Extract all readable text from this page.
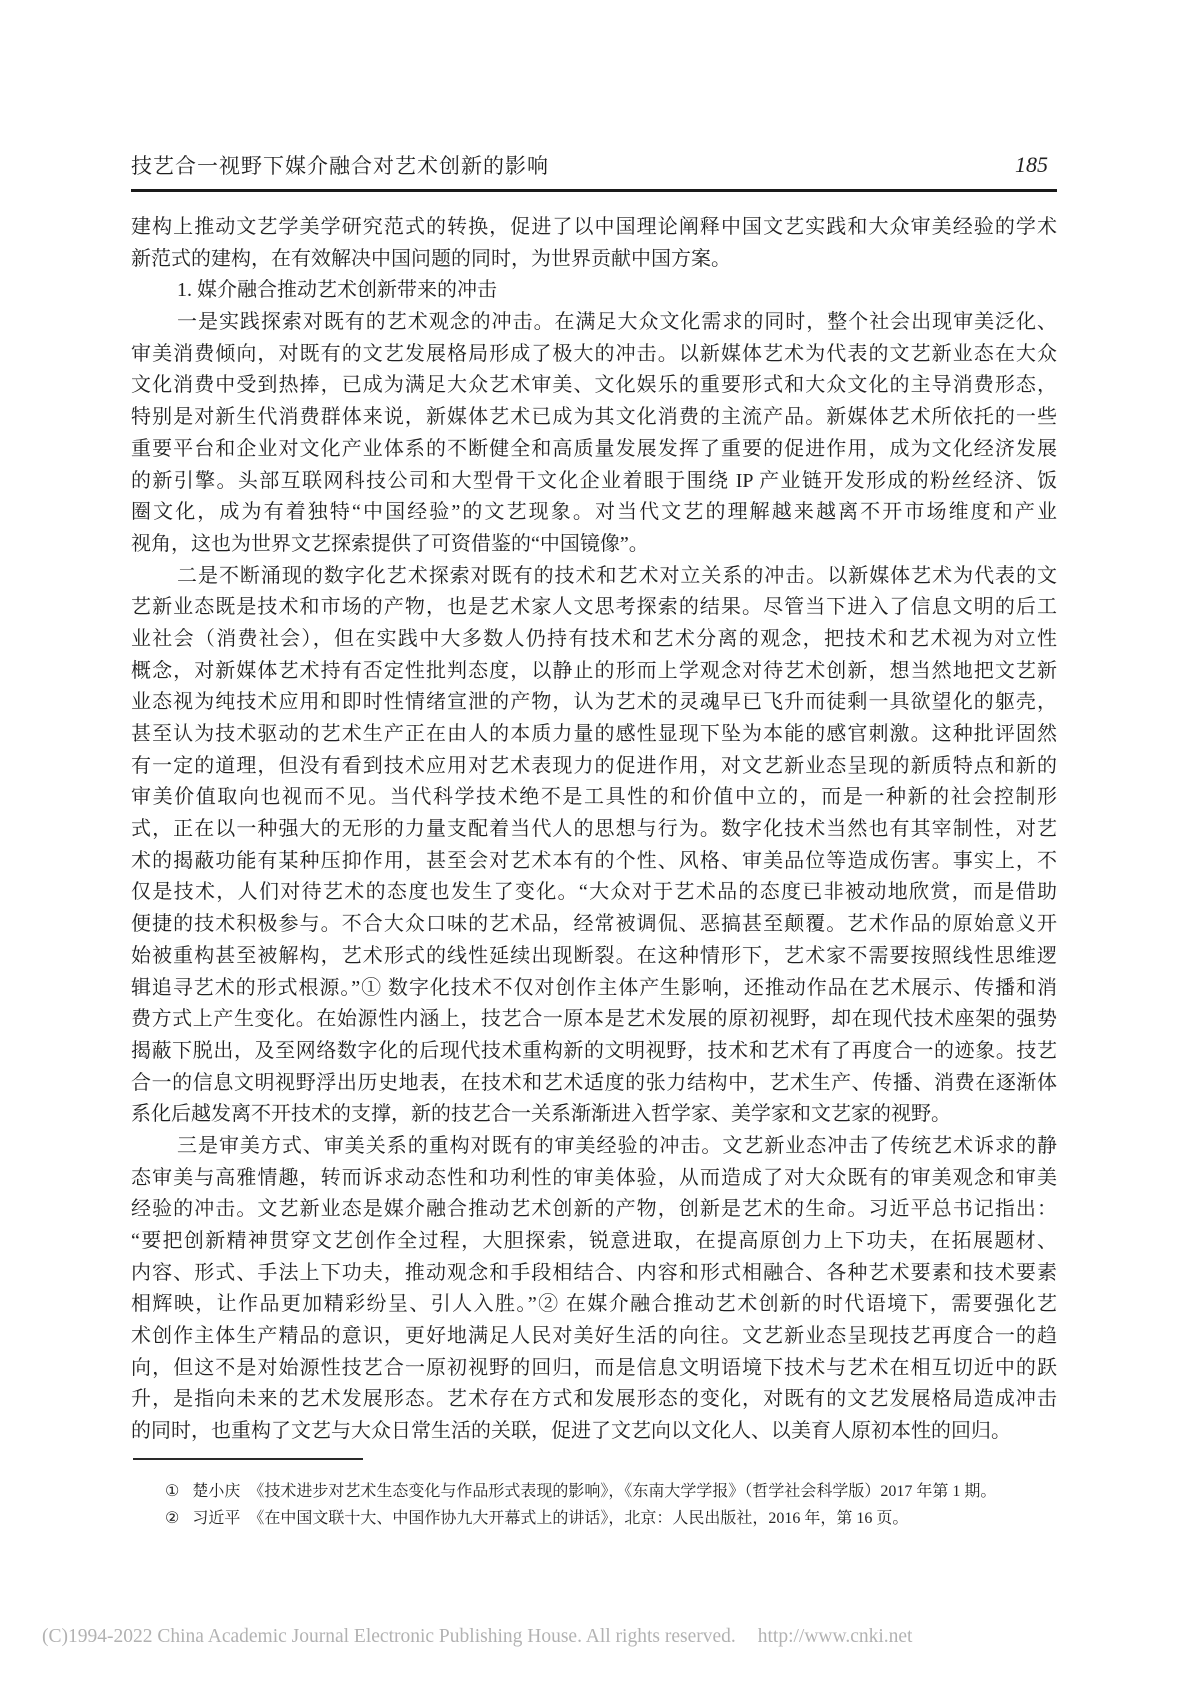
技艺合一视野下媒介融合对艺术创新的影响	185
建构上推动文艺学美学研究范式的转换，促进了以中国理论阐释中国文艺实践和大众审美经验的学术
新范式的建构，在有效解决中国问题的同时，为世界贡献中国方案。
1. 媒介融合推动艺术创新带来的冲击
一是实践探索对既有的艺术观念的冲击。在满足大众文化需求的同时，整个社会出现审美泛化、
审美消费倾向，对既有的文艺发展格局形成了极大的冲击。以新媒体艺术为代表的文艺新业态在大众
文化消费中受到热捧，已成为满足大众艺术审美、文化娱乐的重要形式和大众文化的主导消费形态，
特别是对新生代消费群体来说，新媒体艺术已成为其文化消费的主流产品。新媒体艺术所依托的一些
重要平台和企业对文化产业体系的不断健全和高质量发展发挥了重要的促进作用，成为文化经济发展
的新引擎。头部互联网科技公司和大型骨干文化企业着眼于围绕 IP 产业链开发形成的粉丝经济、饭
圈文化，成为有着独特“中国经验”的文艺现象。对当代文艺的理解越来越离不开市场维度和产业
视角，这也为世界文艺探索提供了可资借鉴的“中国镜像”。
二是不断涌现的数字化艺术探索对既有的技术和艺术对立关系的冲击。以新媒体艺术为代表的文
艺新业态既是技术和市场的产物，也是艺术家人文思考探索的结果。尽管当下进入了信息文明的后工
业社会（消费社会），但在实践中大多数人仍持有技术和艺术分离的观念，把技术和艺术视为对立性
概念，对新媒体艺术持有否定性批判态度，以静止的形而上学观念对待艺术创新，想当然地把文艺新
业态视为纯技术应用和即时性情绪宣泄的产物，认为艺术的灵魂早已飞升而徒剩一具欲望化的躯壳，
甚至认为技术驱动的艺术生产正在由人的本质力量的感性显现下坠为本能的感官刺激。这种批评固然
有一定的道理，但没有看到技术应用对艺术表现力的促进作用，对文艺新业态呈现的新质特点和新的
审美价值取向也视而不见。当代科学技术绝不是工具性的和价值中立的，而是一种新的社会控制形
式，正在以一种强大的无形的力量支配着当代人的思想与行为。数字化技术当然也有其宰制性，对艺
术的揭蔽功能有某种压抑作用，甚至会对艺术本有的个性、风格、审美品位等造成伤害。事实上，不
仅是技术，人们对待艺术的态度也发生了变化。“大众对于艺术品的态度已非被动地欣赏，而是借助
便捷的技术积极参与。不合大众口味的艺术品，经常被调侃、恶搞甚至颠覆。艺术作品的原始意义开
始被重构甚至被解构，艺术形式的线性延续出现断裂。在这种情形下，艺术家不需要按照线性思维逻
辑追寻艺术的形式根源。”① 数字化技术不仅对创作主体产生影响，还推动作品在艺术展示、传播和消
费方式上产生变化。在始源性内涵上，技艺合一原本是艺术发展的原初视野，却在现代技术座架的强势
揭蔽下脱出，及至网络数字化的后现代技术重构新的文明视野，技术和艺术有了再度合一的迹象。技艺
合一的信息文明视野浮出历史地表，在技术和艺术适度的张力结构中，艺术生产、传播、消费在逐渐体
系化后越发离不开技术的支撑，新的技艺合一关系渐渐进入哲学家、美学家和文艺家的视野。
三是审美方式、审美关系的重构对既有的审美经验的冲击。文艺新业态冲击了传统艺术诉求的静
态审美与高雅情趣，转而诉求动态性和功利性的审美体验，从而造成了对大众既有的审美观念和审美
经验的冲击。文艺新业态是媒介融合推动艺术创新的产物，创新是艺术的生命。习近平总书记指出：
“要把创新精神贯穿文艺创作全过程，大胆探索，锐意进取，在提高原创力上下功夫，在拓展题材、
内容、形式、手法上下功夫，推动观念和手段相结合、内容和形式相融合、各种艺术要素和技术要素
相辉映，让作品更加精彩纷呈、引人入胜。”② 在媒介融合推动艺术创新的时代语境下，需要强化艺
术创作主体生产精品的意识，更好地满足人民对美好生活的向往。文艺新业态呈现技艺再度合一的趋
向，但这不是对始源性技艺合一原初视野的回归，而是信息文明语境下技术与艺术在相互切近中的跃
升，是指向未来的艺术发展形态。艺术存在方式和发展形态的变化，对既有的文艺发展格局造成冲击
的同时，也重构了文艺与大众日常生活的关联，促进了文艺向以文化人、以美育人原初本性的回归。
① 楚小庆　《技术进步对艺术生态变化与作品形式表现的影响》，《东南大学学报》（哲学社会科学版）2017 年第 1 期。
② 习近平　《在中国文联十大、中国作协九大开幕式上的讲话》，北京：人民出版社，2016 年，第 16 页。
(C)1994-2022 China Academic Journal Electronic Publishing House. All rights reserved. http://www.cnki.net
